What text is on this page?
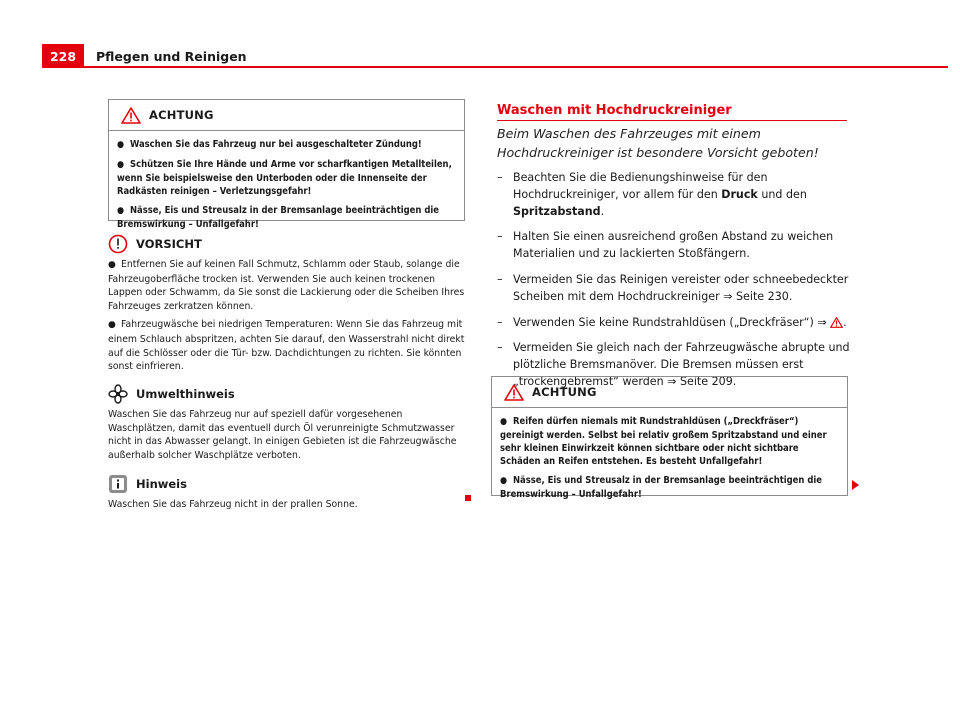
228	Pflegen und Reinigen
ACHTUNG
● Waschen Sie das Fahrzeug nur bei ausgeschalteter Zündung!
● Schützen Sie Ihre Hände und Arme vor scharfkantigen Metallteilen, wenn Sie beispielsweise den Unterboden oder die Innenseite der Radkästen reinigen – Verletzungsgefahr!
● Nässe, Eis und Streusalz in der Bremsanlage beeinträchtigen die Bremswirkung – Unfallgefahr!
VORSICHT

● Entfernen Sie auf keinen Fall Schmutz, Schlamm oder Staub, solange die Fahrzeugoberfläche trocken ist. Verwenden Sie auch keinen trockenen Lappen oder Schwamm, da Sie sonst die Lackierung oder die Scheiben Ihres Fahrzeuges zerkratzen können.

● Fahrzeugwäsche bei niedrigen Temperaturen: Wenn Sie das Fahrzeug mit einem Schlauch abspritzen, achten Sie darauf, den Wasserstrahl nicht direkt auf die Schlösser oder die Tür- bzw. Dachdichtungen zu richten. Sie könnten sonst einfrieren.

Umwelthinweis

Waschen Sie das Fahrzeug nur auf speziell dafür vorgesehenen Waschplätzen, damit das eventuell durch Öl verunreinigte Schmutzwasser nicht in das Abwasser gelangt. In einigen Gebieten ist die Fahrzeugwäsche außerhalb solcher Waschplätze verboten.

Hinweis

Waschen Sie das Fahrzeug nicht in der prallen Sonne.

Waschen mit Hochdruckreiniger
Beim Waschen des Fahrzeuges mit einem Hochdruckreiniger ist besondere Vorsicht geboten!
– Beachten Sie die Bedienungshinweise für den Hochdruckreiniger, vor allem für den Druck und den Spritzabstand.
– Halten Sie einen ausreichend großen Abstand zu weichen Materialien und zu lackierten Stoßfängern.
– Vermeiden Sie das Reinigen vereister oder schneebedeckter Scheiben mit dem Hochdruckreiniger ⇒ Seite 230.
– Verwenden Sie keine Rundstrahldüsen („Dreckfräser“) ⇒ .
– Vermeiden Sie gleich nach der Fahrzeugwäsche abrupte und plötzliche Bremsmanöver. Die Bremsen müssen erst „trockengebremst“ werden ⇒ Seite 209.
ACHTUNG
● Reifen dürfen niemals mit Rundstrahldüsen („Dreckfräser“) gereinigt werden. Selbst bei relativ großem Spritzabstand und einer sehr kleinen Einwirkzeit können sichtbare oder nicht sichtbare Schäden an Reifen entstehen. Es besteht Unfallgefahr!
● Nässe, Eis und Streusalz in der Bremsanlage beeinträchtigen die Bremswirkung – Unfallgefahr!
